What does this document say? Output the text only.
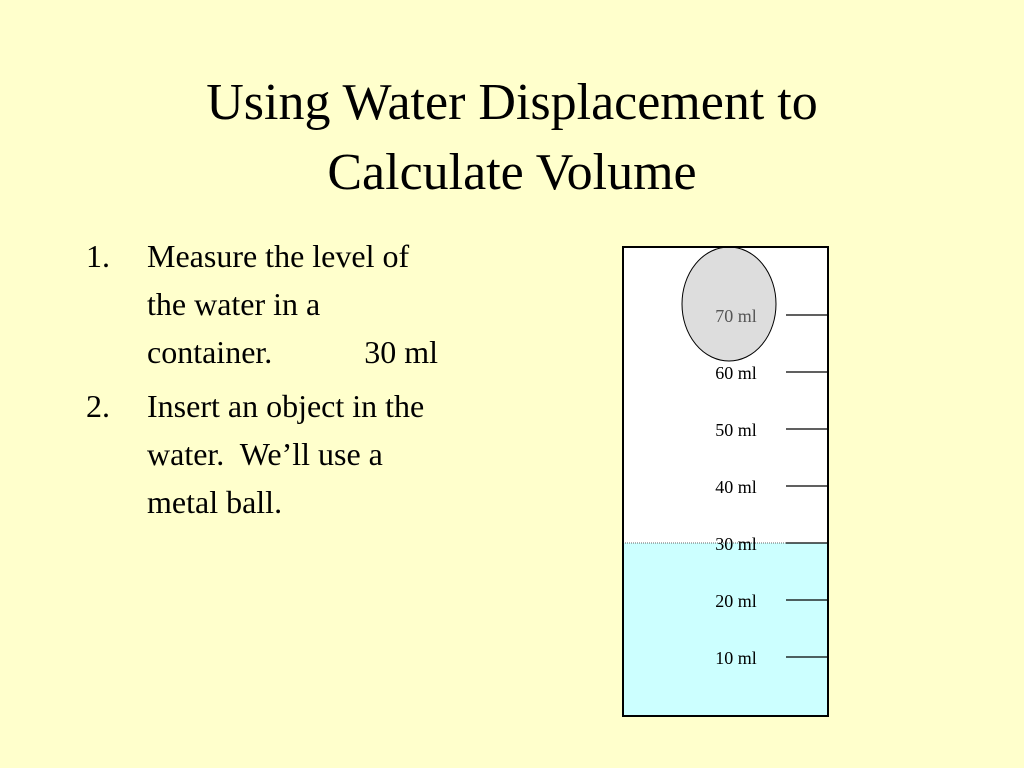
Using Water Displacement to
Calculate Volume
1. Measure the level of
the water in a
container.	30 ml
2. Insert an object in the
water.  We’ll use a
metal ball.
10 ml
20 ml
30 ml
40 ml
50 ml
60 ml
70 ml
